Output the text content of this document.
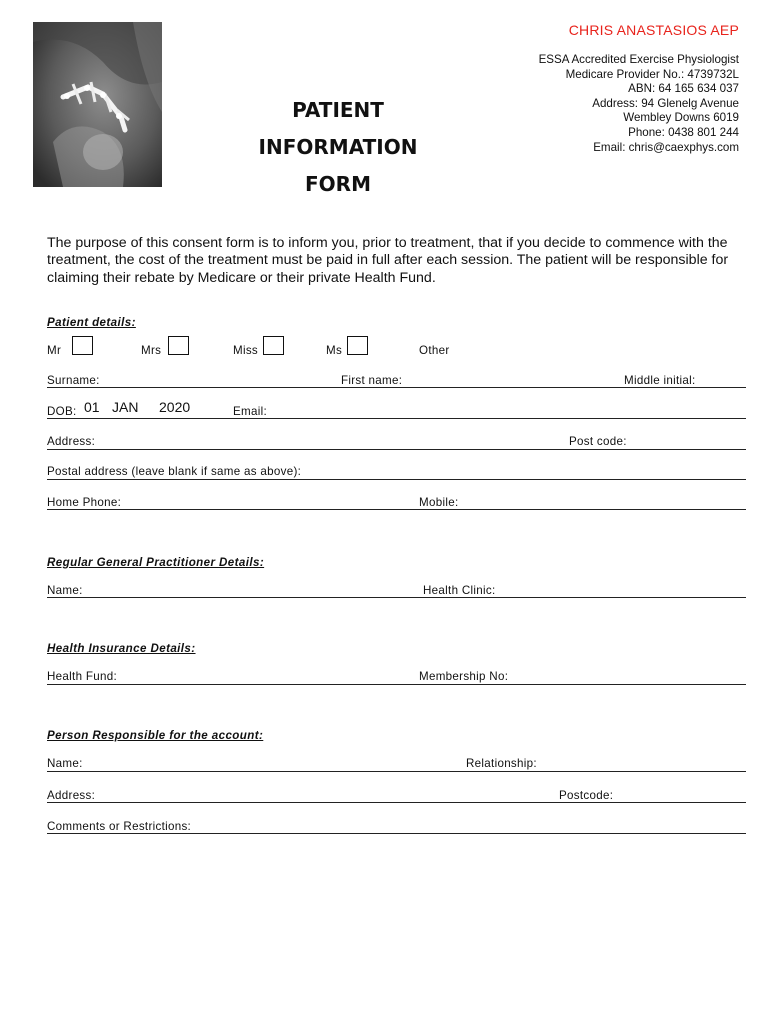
PATIENT
INFORMATION
FORM
CHRIS ANASTASIOS AEP
ESSA Accredited Exercise Physiologist
Medicare Provider No.: 4739732L
ABN: 64 165 634 037
Address: 94 Glenelg Avenue
Wembley Downs 6019
Phone: 0438 801 244
Email: chris@caexphys.com
The purpose of this consent form is to inform you, prior to treatment, that if you decide to commence with the treatment, the cost of the treatment must be paid in full after each session. The patient will be responsible for claiming their rebate by Medicare or their private Health Fund.
Patient details:
Mr	Mrs	Miss	Ms	Other
Surname:	First name:	Middle initial:
DOB: 01 JAN 2020	Email:
Address:	Post code:
Postal address (leave blank if same as above):
Home Phone:	Mobile:
Regular General Practitioner Details:
Name:	Health Clinic:
Health Insurance Details:
Health Fund:	Membership No:
Person Responsible for the account:
Name:	Relationship:
Address:	Postcode:
Comments or Restrictions:
